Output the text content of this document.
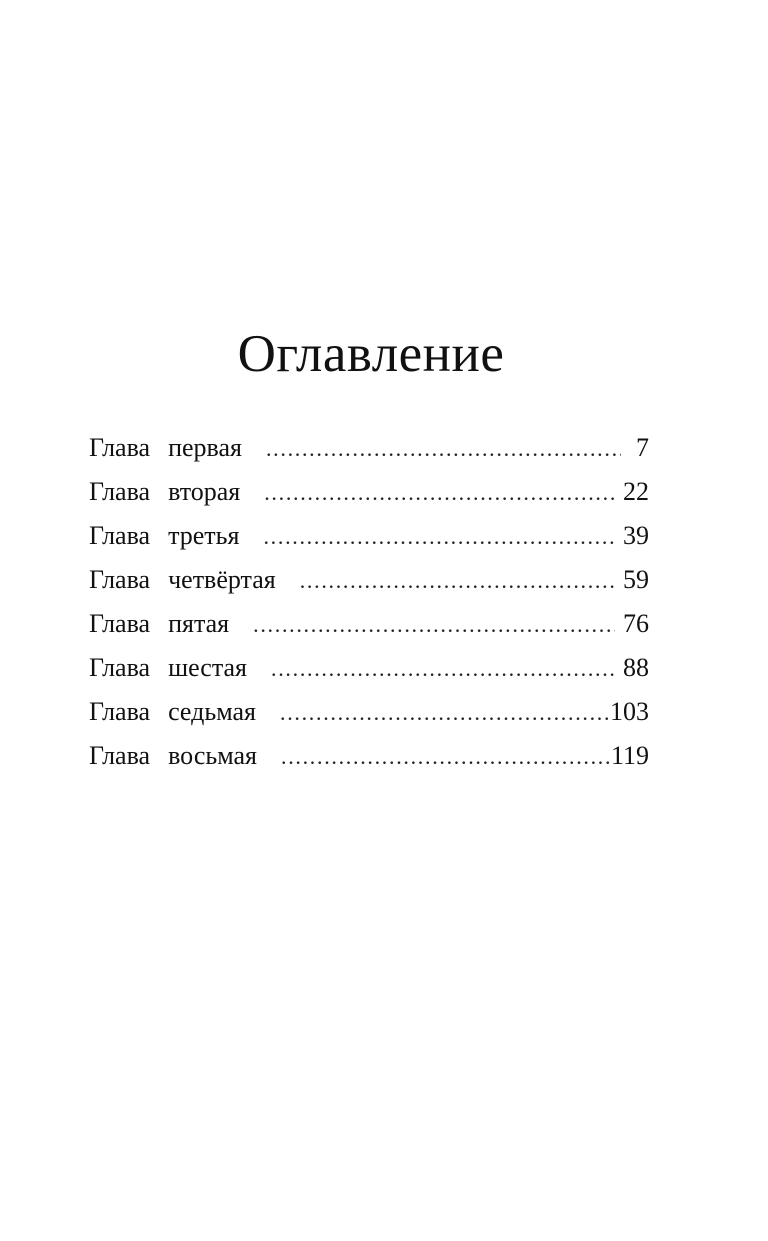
Оглавление
Глава первая . . .	7
Глава вторая . . .	22
Глава третья . . .	39
Глава четвёртая . . .	59
Глава пятая . . .	76
Глава шестая . . .	88
Глава седьмая . . .	103
Глава восьмая . . .	119
